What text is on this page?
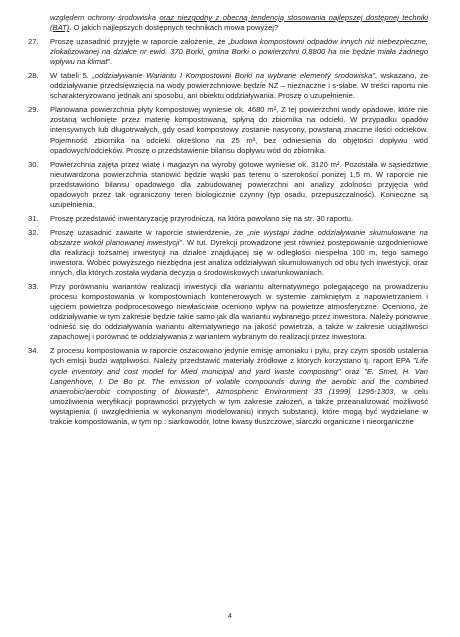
względem ochrony środowiska oraz niezgodny z obecną tendencją stosowania najlepszej dostępnej techniki (BAT). O jakich najlepszych dostępnych technikach mowa powyżej?

27.	Proszę uzasadnić przyjęte w raporcie założenie, że „budowa kompostowni odpadów innych niż niebezpieczne, zlokalizowanej na działce nr ewid. 370 Borki, gmina Borki o powierzchni 0,8800 ha nie będzie miała żadnego wpływu na klimat”.
28.	W tabeli 5. „oddziaływanie Wariantu I Kompostowni Borki na wybrane elementy środowiska”, wskazano, że oddziaływanie przedsięwzięcia na wody powierzchniowe będzie NZ – nieznaczne i s-słabe. W treści raportu nie scharakteryzowano jednak ani sposobu, ani obiektu oddziaływania. Proszę o uzupełnienie.
29.	Planowana powierzchnia płyty kompostowej wyniesie ok. 4680 m², Z tej powierzchni wody opadowe, które nie zostaną wchłonięte przez materię kompostowaną, spłyną do zbiornika na odcieki. W przypadku opadów intensywnych lub długotrwałych, gdy osad kompostowy zostanie nasycony, powstaną znaczne ilości odcieków. Pojemność zbiornika na odcieki określono na 25 m³, bez odniesienia do objętości dopływu wód opadowych/odcieków. Proszę o przedstawienie bilansu dopływu wód do zbiornika.
30.	Powierzchnia zajęta przez wiatę i magazyn na wyroby gotowe wyniesie ok. 3120 m². Pozostała w sąsiedztwie nieutwardzona powierzchnia stanowić będzie wąski pas terenu o szerokości poniżej 1,5 m. W raporcie nie przedstawiono bilansu opadowego dla zabudowanej powierzchni ani analizy zdolności przyjęcia wód opadowych przez tak ograniczony teren biologicznie czynny (typ osadu, przepuszczalność). Konieczne są uzupełnienia.
31.	Proszę przedstawić inwentaryzację przyrodniczą, na która powołano się na str. 30 raportu.
32.	Proszę uzasadnić zawarte w raporcie stwierdzenie, że „nie wystąpi żadne oddziaływanie skumulowane na obszarze wokół planowanej inwestycji”. W tut. Dyrekcji prowadzone jest również postępowanie uzgodnieniowe dla realizacji tożsamej inwestycji na działce znajdującej się w odległości niespełna 100 m, tego samego inwestora. Wobec powyższego niezbędna jest analiza oddziaływań skumulowanych od obu tych inwestycji, oraz innych, dla których została wydana decyzja o środowiskowych uwarunkowaniach.
33.	Przy porównaniu wariantów realizacji inwestycji dla wariantu alternatywnego polegającego na prowadzeniu procesu kompostowania w kompostowniach kontenerowych w systemie zamkniętym z napowietrzaniem i ujęciem powietrza podprocesowego niewłaściwie oceniono wpływ na powietrze atmosferyczne. Oceniono, że oddziaływanie w tym zakresie będzie takie samo jak dla wariantu wybranego przez inwestora. Należy ponownie odnieść się do oddziaływania wariantu alternatywnego na jakość powietrza, a także w zakresie uciążliwości zapachowej i porównać te oddziaływania z wariantem wybranym do realizacji przez inwestora.
34.	Z procesu kompostowania w raporcie oszacowano jedynie emisję amoniaku i pyłu, przy czym sposób ustalenia tych emisji budzi wątpliwości. Należy przedstawić materiały źródłowe z których korzystano tj. raport EPA "Life cycle inventory and cost model for Mied municipal and yard waste composting" oraz "E. Smet, H. Van Langenhove, I. De Bo pt. The emission of volatile compounds during the aerobic and the combined anaerobic/aerobic composting of biowaste", Atmospheric Environment 33 (1999) 1295-1303, w celu umożliwienia weryfikacji poprawności przyjętych w tym zakresie założeń, a także przeanalizować możliwość wystąpienia (i uwzględnienia w wykonanym modelowaniu) innych substancji, które mogą być wydzielane w trakcie kompostowania, w tym np.: siarkowodór, lotne kwasy tłuszczowe, siarczki organiczne i nieorganiczne
4
